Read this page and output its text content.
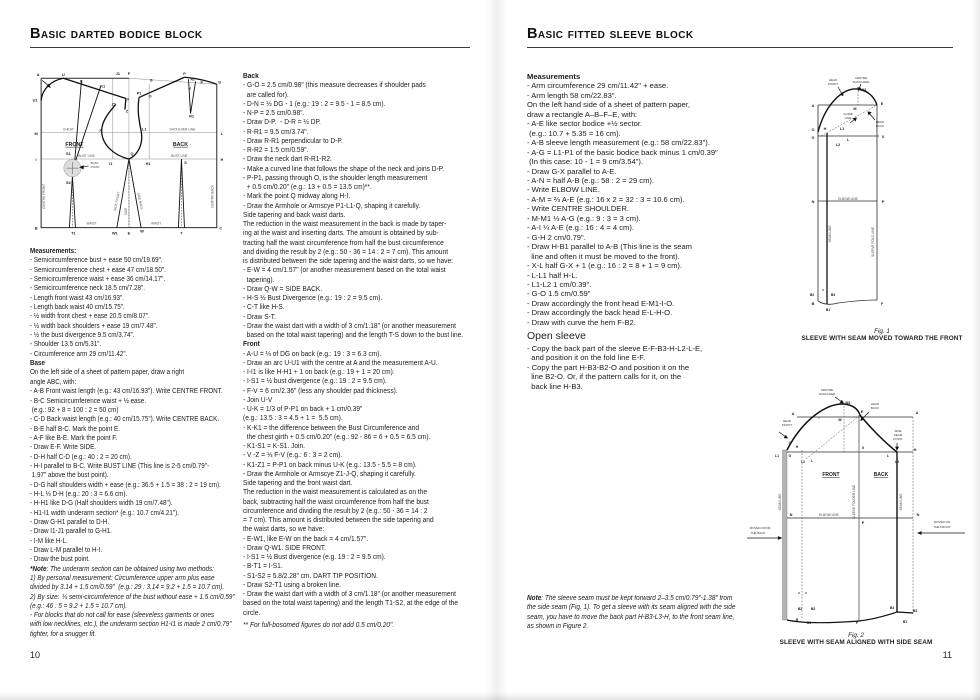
Basic darted bodice block
A	U
K
K1
J1 F
G
P
R2
R
N
D
U1	V
P1
O
Z1
Z
R1
M	L
I	H
B	C
T1	W1	E
W
T
S1
S2
I1
Q
H1	S
J	L1
CHEST	SHOULDER LINE
BUST LINE	BUST LINE
FRONT	BACK
BUST
POINT
WAIST	WAIST
CENTRE FRONT	CENTRE BACK
SIDE FRONT
SIDE
SIDE BACK
Measurements:
- Semicircumference bust + ease 50 cm/19.69".
- Semicircumference chest + ease 47 cm/18.50".
- Semicircumference waist + ease 36 cm/14.17".
- Semicircumference neck 18.5 cm/7.28".
- Length front waist 43 cm/16.93".
- Length back waist 40 cm/15.75".
- ½ width front chest + ease 20.5 cm/8.07".
- ½ width back shoulders + ease 19 cm/7.48".
- ½ the bust divergence 9.5 cm/3.74".
- Shoulder 13.5 cm/5.31".
- Circumference arm 29 cm/11.42".
Base
On the left side of a sheet of pattern paper, draw a right
angle ABC, with:
- A-B Front waist length (e.g.: 43 cm/16.93"). Write CENTRE FRONT.
- B-C Semicircumference waist + ½ ease.
(e.g.: 92 + 8 = 100 : 2 = 50 cm)
- C-D Back waist length (e.g.: 40 cm/15.75"). Write CENTRE BACK.
- B-E half B-C. Mark the point E.
- A-F like B-E. Mark the point F.
- Draw E-F. Write SIDE.
- D-H half C-D (e.g.: 40 : 2 = 20 cm).
- H-I parallel to B-C. Write BUST LINE (This line is 2-5 cm/0.79"-
1.97" above the bust point).
- D-G half shoulders width + ease (e.g.: 36.5 + 1.5 = 38 : 2 = 19 cm).
- H-L ⅓ D-H (e.g.: 20 : 3 = 6.6 cm).
- H-H1 like D-G (Half shoulders width 19 cm/7.48").
- H1-I1 width underarm section* (e.g.: 10.7 cm/4.21").
- Draw G-H1 parallel to D-H.
- Draw I1-J1 parallel to G-H1.
- I-M like H-L.
- Draw L-M parallel to H-I.
- Draw the bust point.
*Note: The underarm section can be obtained using two methods:
1) By personal measurement: Circumference upper arm plus ease
divided by 3.14 + 1.5 cm/0.59"  (e.g.: 29 : 3.14 = 9.2 + 1.5 = 10.7 cm).
2) By size: ⅕ semi-circumference of the bust without ease + 1.5 cm/0.59"
(e.g.: 46 : 5 = 9.2 + 1.5 = 10.7 cm).
- For blocks that do not call for ease (sleeveless garments or ones
with low necklines, etc.), the underarm section H1-I1 is made 2 cm/0.79"
tighter, for a snugger fit.
Back
- G-O = 2.5 cm/0.98" (this measure decreases if shoulder pads
are called for).
- D-N = ½ DG - 1 (e.g.: 19 : 2 = 9.5 - 1 = 8.5 cm).
- N-P = 2.5 cm/0.98".
- Draw D-P.  - D-R = ½ DP.
- R-R1 = 9.5 cm/3.74".
- Draw R-R1 perpendicular to D-P.
- R-R2 = 1.5 cm/0.59".
- Draw the neck dart R-R1-R2.
- Make a curved line that follows the shape of the neck and joins D-P.
- P-P1, passing through O, is the shoulder length measurement
+ 0.5 cm/0.20" (e.g.: 13 + 0.5 = 13.5 cm)**.
- Mark the point Q midway along H-I.
- Draw the Armhole or Armscye P1-L1-Q, shaping it carefully.
Side tapering and back waist darts.
The reduction in the waist measurement in the back is made by taper-
ing at the waist and inserting darts. The amount is obtained by sub-
tracting half the waist circumference from half the bust circumference
and dividing the result by 2 (e.g.: 50 - 36 = 14 : 2 = 7 cm). This amount
is distributed between the side tapering and the waist darts, so we have:
- E-W = 4 cm/1.57" (or another measurement based on the total waist
tapering).
- Draw Q-W = SIDE BACK.
- H-S ½ Bust Divergence (e.g.: 19 : 2 = 9.5 cm).
- C-T like H-S.
- Draw S-T.
- Draw the waist dart with a width of 3 cm/1.18" (or another measurement
based on the total waist tapering) and the length T-S down to the bust line.
Front
- A-U = ⅓ of DG on back (e.g.: 19 : 3 = 6.3 cm).
- Draw an arc U-U1 with the centre at A and the measurement A-U.
- I-I1 is like H-H1 + 1 on back (e.g.: 19 + 1 = 20 cm).
- I-S1 = ½ bust divergence (e.g.: 19 : 2 = 9.5 cm).
- F-V = 6 cm/2.36" (less any shoulder pad thickness).
- Join U-V
- U-K = 1/3 of P-P1 on back + 1 cm/0.39"
(e.g.: 13.5 : 3 = 4.5 + 1 =  5.5 cm).
- K-K1 = the difference between the Bust Circumference and
the chest girth + 0.5 cm/0.20" (e.g.: 92 - 86 = 6 + 0.5 = 6.5 cm).
- K1-S1 = K-S1. Join.
- V -Z = ⅓ F-V (e.g.: 6 : 3 = 2 cm).
- K1-Z1 = P-P1 on back minus U-K (e.g.: 13.5 - 5.5 = 8 cm).
- Draw the Armhole or Armscye Z1-J-Q, shaping it carefully.
Side tapering and the front waist dart.
The reduction in the waist measurement is calculated as on the
back, subtracting half the waist circumference from half the bust
circumference and dividing the result by 2 (e.g.: 50 - 36 = 14 : 2
= 7 cm). This amount is distributed between the side tapering and
the waist darts, so we have:
- E-W1, like E-W on the back = 4 cm/1.57".
- Draw Q-W1. SIDE FRONT.
- I-S1 = ½ Bust divergence (e.g. 19 : 2 = 9.5 cm).
- B-T1 = I-S1.
- S1-S2 = 5.8/2.28" cm. DART TIP POSITION.
- Draw S2-T1 using a broken line.
- Draw the waist dart with a width of 3 cm/1.18" (or another measurement
based on the total waist tapering) and the length T1-S2, at the edge of the
circle.
** For full-bosomed figures do not add 0.5 cm/0.20".
10
Basic fitted sleeve block
Measurements
- Arm circumference 29 cm/11.42" + ease.
- Arm length 58 cm/22.83".
On the left hand side of a sheet of pattern paper,
draw a rectangle A–B–F–E, with:
- A-E like sector bodice +½ sector.
(e.g.: 10.7 + 5.35 = 16 cm).
- A-B sleeve length measurement (e.g.: 58 cm/22.83").
- A-G = L1-P1 of the basic bodice back minus 1 cm/0.39"
(In this case: 10 - 1 = 9 cm/3.54").
- Draw G-X parallel to A-E.
- A-N = half A-B (e.g.: 58 : 2 = 29 cm).
- Write ELBOW LINE.
- A-M = ⅔ A-E (e.g.: 16 x 2 = 32 : 3 = 10.6 cm).
- Write CENTRE SHOULDER.
- M-M1 ⅓ A-G (e.g.: 9 : 3 = 3 cm).
- A-I ¼ A-E (e.g.: 16 : 4 = 4 cm).
- G-H 2 cm/0.79".
- Draw H-B1 parallel to A-B (This line is the seam
line and often it must be moved to the front).
- X-L half G-X + 1 (e.g.: 16 : 2 = 8 + 1 = 9 cm).
- L-L1 half H-L.
- L1-L2 1 cm/0.39".
- G-O 1.5 cm/0.59"
- Draw accordingly the front head E-M1-I-O.
- Draw accordingly the back head E-L-H-O.
- Draw with curve the hem F-B2.
Open sleeve
- Copy the back part of the sleeve E-F-B3-H-L2-L-E,
and position it on the fold line E-F.
- Copy the part H-B3-B2-O and position it on the
line B2-O. Or, if the pattern calls for it, on the
back line H-B3.
CENTRE
SHOULDER
M1
HEAD
FRONT
A
M
E
GUIDE
LINE
HEAD
BACK
O
G
H	L1
L
L2
X
N
ELBOW LINE
P
SEAM LINE	SLEEVE FOLD LINE
2
B2	B3
B
B1
F
Fig. 1
SLEEVE WITH SEAM MOVED TOWARD THE FRONT
CENTRE
SHOULDER
M1
M
A	A
E
I
HEAD
FRONT
HEAD
BACK
SIDE
SEAM
POINT
L1
O
H
G
L2 L
X
L
L2
H
FRONT	BACK
SLEEVE FOLDER LINE
SEAM LINE	SEAM LINE
N	ELBOW LINE
P
N
MOVED ON
THE FRONT
MOVED FROM
THE BACK
2 2
B2	B3
B
B1	F
B4
B3
B1
Fig. 2
SLEEVE WITH SEAM ALIGNED WITH SIDE SEAM
Note: The sleeve seam must be kept forward 2–3.5 cm/0.79"-1.38" from
the side seam (Fig. 1). To get a sleeve with its seam aligned with the side
seam, you have to move the back part H-B3-L3-H, to the front seam line,
as shown in Figure 2.
11
